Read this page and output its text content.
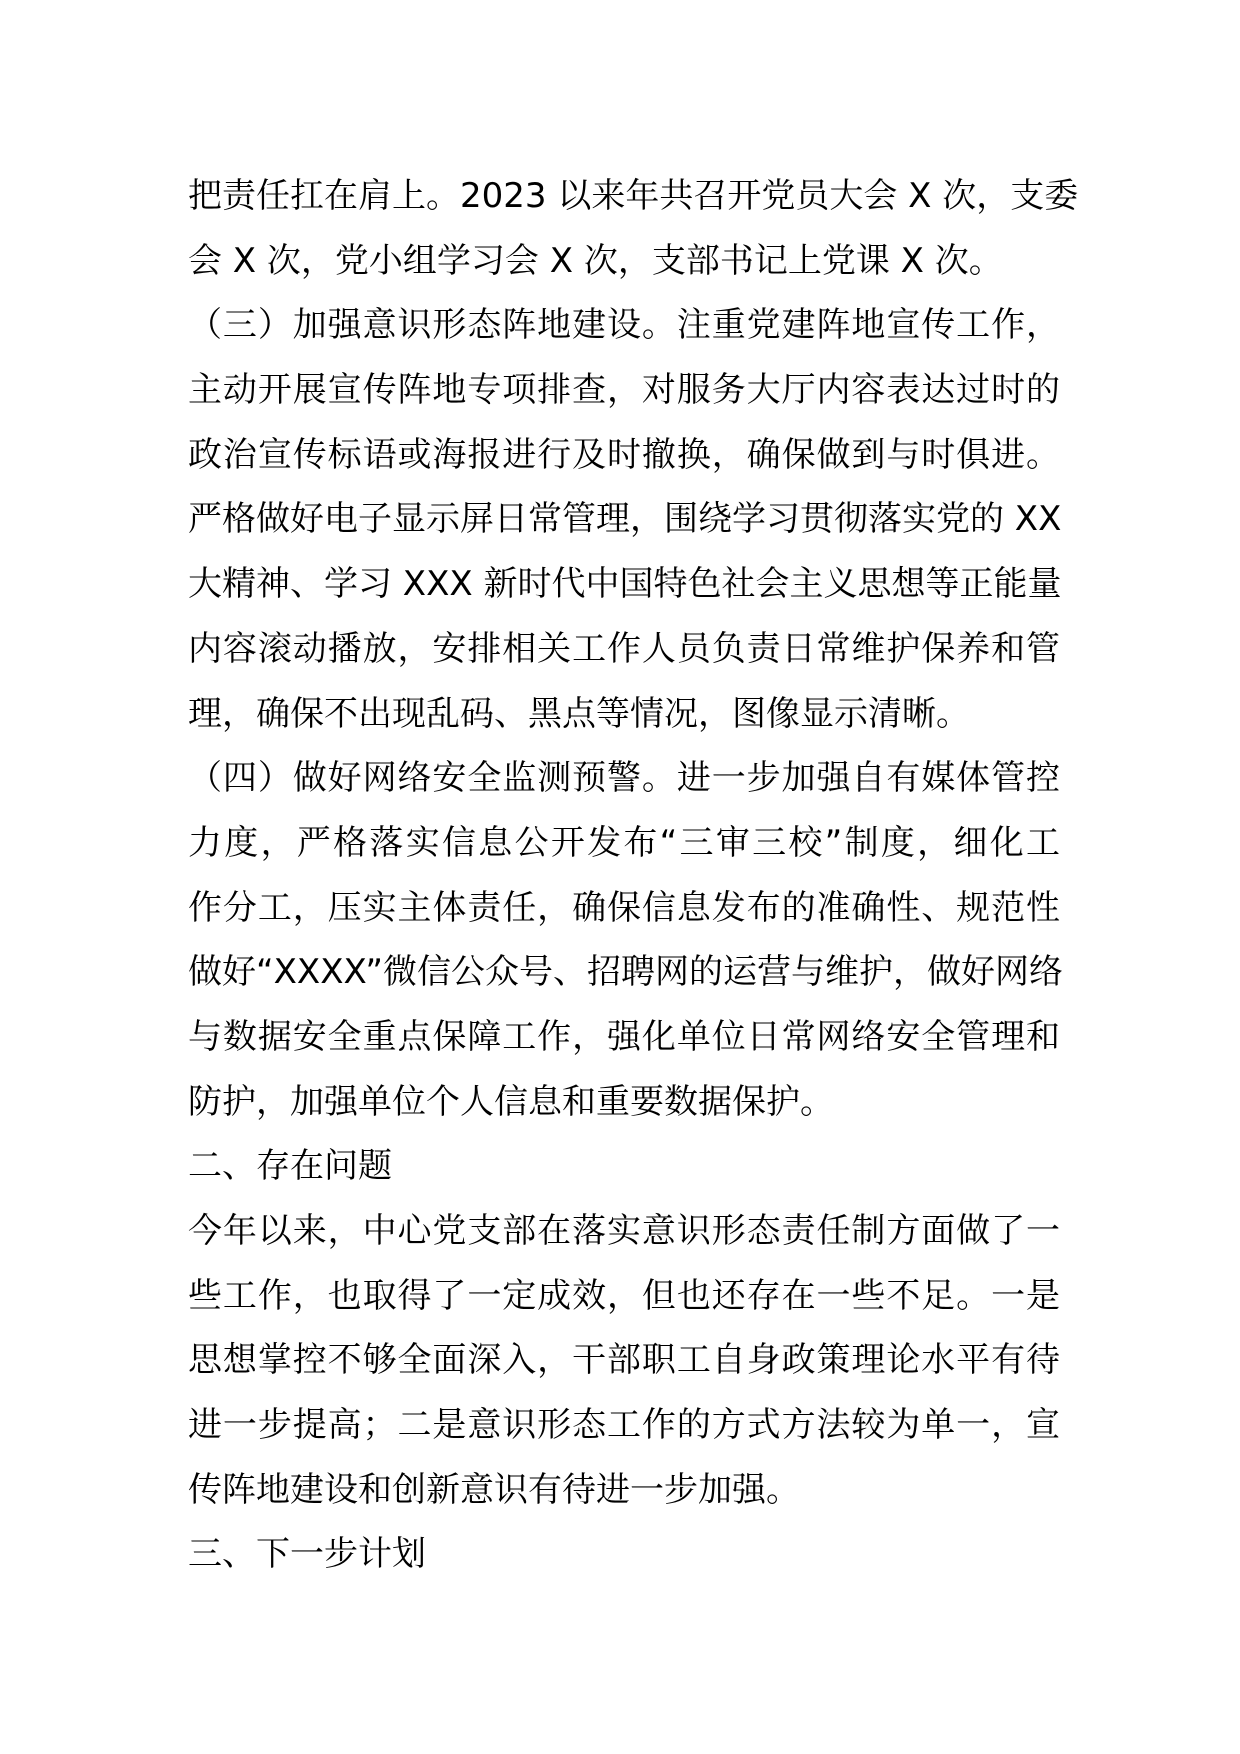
把责任扛在肩上。2023 以来年共召开党员大会 X 次，支委
会 X 次，党小组学习会 X 次，支部书记上党课 X 次。
（三）加强意识形态阵地建设。注重党建阵地宣传工作，
主动开展宣传阵地专项排查，对服务大厅内容表达过时的
政治宣传标语或海报进行及时撤换，确保做到与时俱进。
严格做好电子显示屏日常管理，围绕学习贯彻落实党的 XX
大精神、学习 XXX 新时代中国特色社会主义思想等正能量
内容滚动播放，安排相关工作人员负责日常维护保养和管
理，确保不出现乱码、黑点等情况，图像显示清晰。
（四）做好网络安全监测预警。进一步加强自有媒体管控
力度，严格落实信息公开发布“三审三校”制度，细化工
作分工，压实主体责任，确保信息发布的准确性、规范性
做好“XXXX”微信公众号、招聘网的运营与维护，做好网络
与数据安全重点保障工作，强化单位日常网络安全管理和
防护，加强单位个人信息和重要数据保护。
二、存在问题
今年以来，中心党支部在落实意识形态责任制方面做了一
些工作，也取得了一定成效，但也还存在一些不足。一是
思想掌控不够全面深入，干部职工自身政策理论水平有待
进一步提高；二是意识形态工作的方式方法较为单一，宣
传阵地建设和创新意识有待进一步加强。
三、下一步计划
